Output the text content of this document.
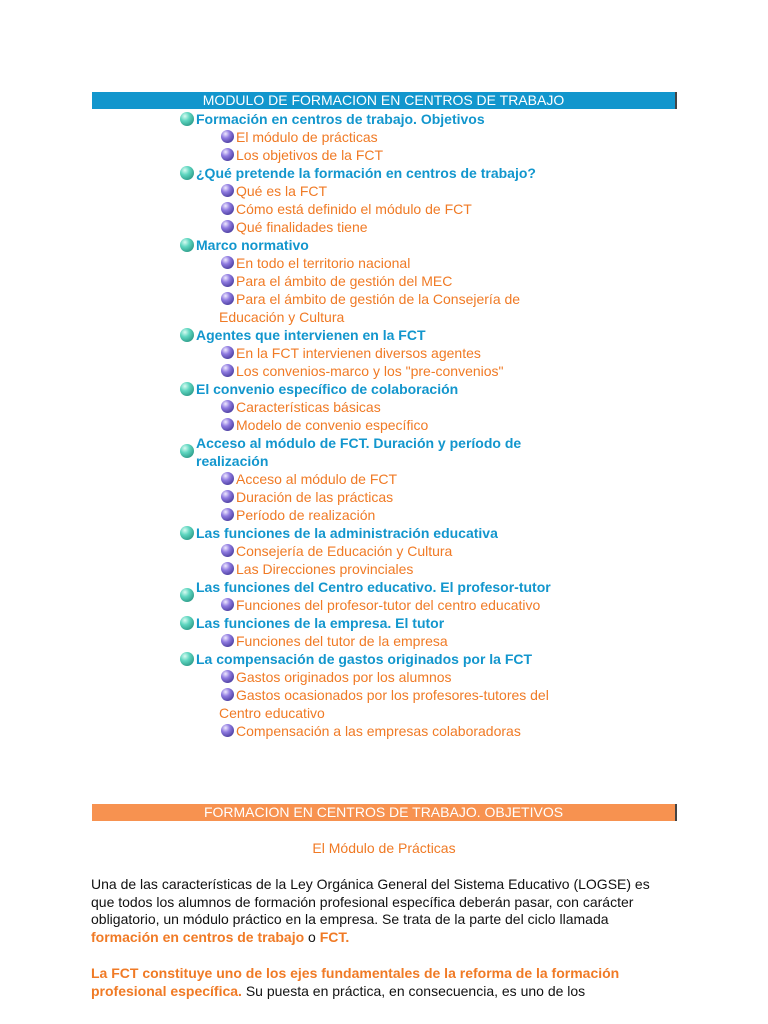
MODULO DE FORMACION EN CENTROS DE TRABAJO
Formación en centros de trabajo. Objetivos
El módulo de prácticas
Los objetivos de la FCT
¿Qué pretende la formación en centros de trabajo?
Qué es la FCT
Cómo está definido el módulo de FCT
Qué finalidades tiene
Marco normativo
En todo el territorio nacional
Para el ámbito de gestión del MEC
Para el ámbito de gestión de la Consejería de Educación y Cultura
Agentes que intervienen en la FCT
En la FCT intervienen diversos agentes
Los convenios-marco y los "pre-convenios"
El convenio específico de colaboración
Características básicas
Modelo de convenio específico
Acceso al módulo de FCT. Duración y período de realización
Acceso al módulo de FCT
Duración de las prácticas
Período de realización
Las funciones de la administración educativa
Consejería de Educación y Cultura
Las Direcciones provinciales
Las funciones del Centro educativo. El profesor-tutor
Funciones del profesor-tutor del centro educativo
Las funciones de la empresa. El tutor
Funciones del tutor de la empresa
La compensación de gastos originados por la FCT
Gastos originados por los alumnos
Gastos ocasionados por los profesores-tutores del Centro educativo
Compensación a las empresas colaboradoras
FORMACION EN CENTROS DE TRABAJO. OBJETIVOS
El Módulo de Prácticas
Una de las características de la Ley Orgánica General del Sistema Educativo (LOGSE) es que todos los alumnos de formación profesional específica deberán pasar, con carácter obligatorio, un módulo práctico en la empresa. Se trata de la parte del ciclo llamada formación en centros de trabajo o FCT.
La FCT constituye uno de los ejes fundamentales de la reforma de la formación profesional específica. Su puesta en práctica, en consecuencia, es uno de los
